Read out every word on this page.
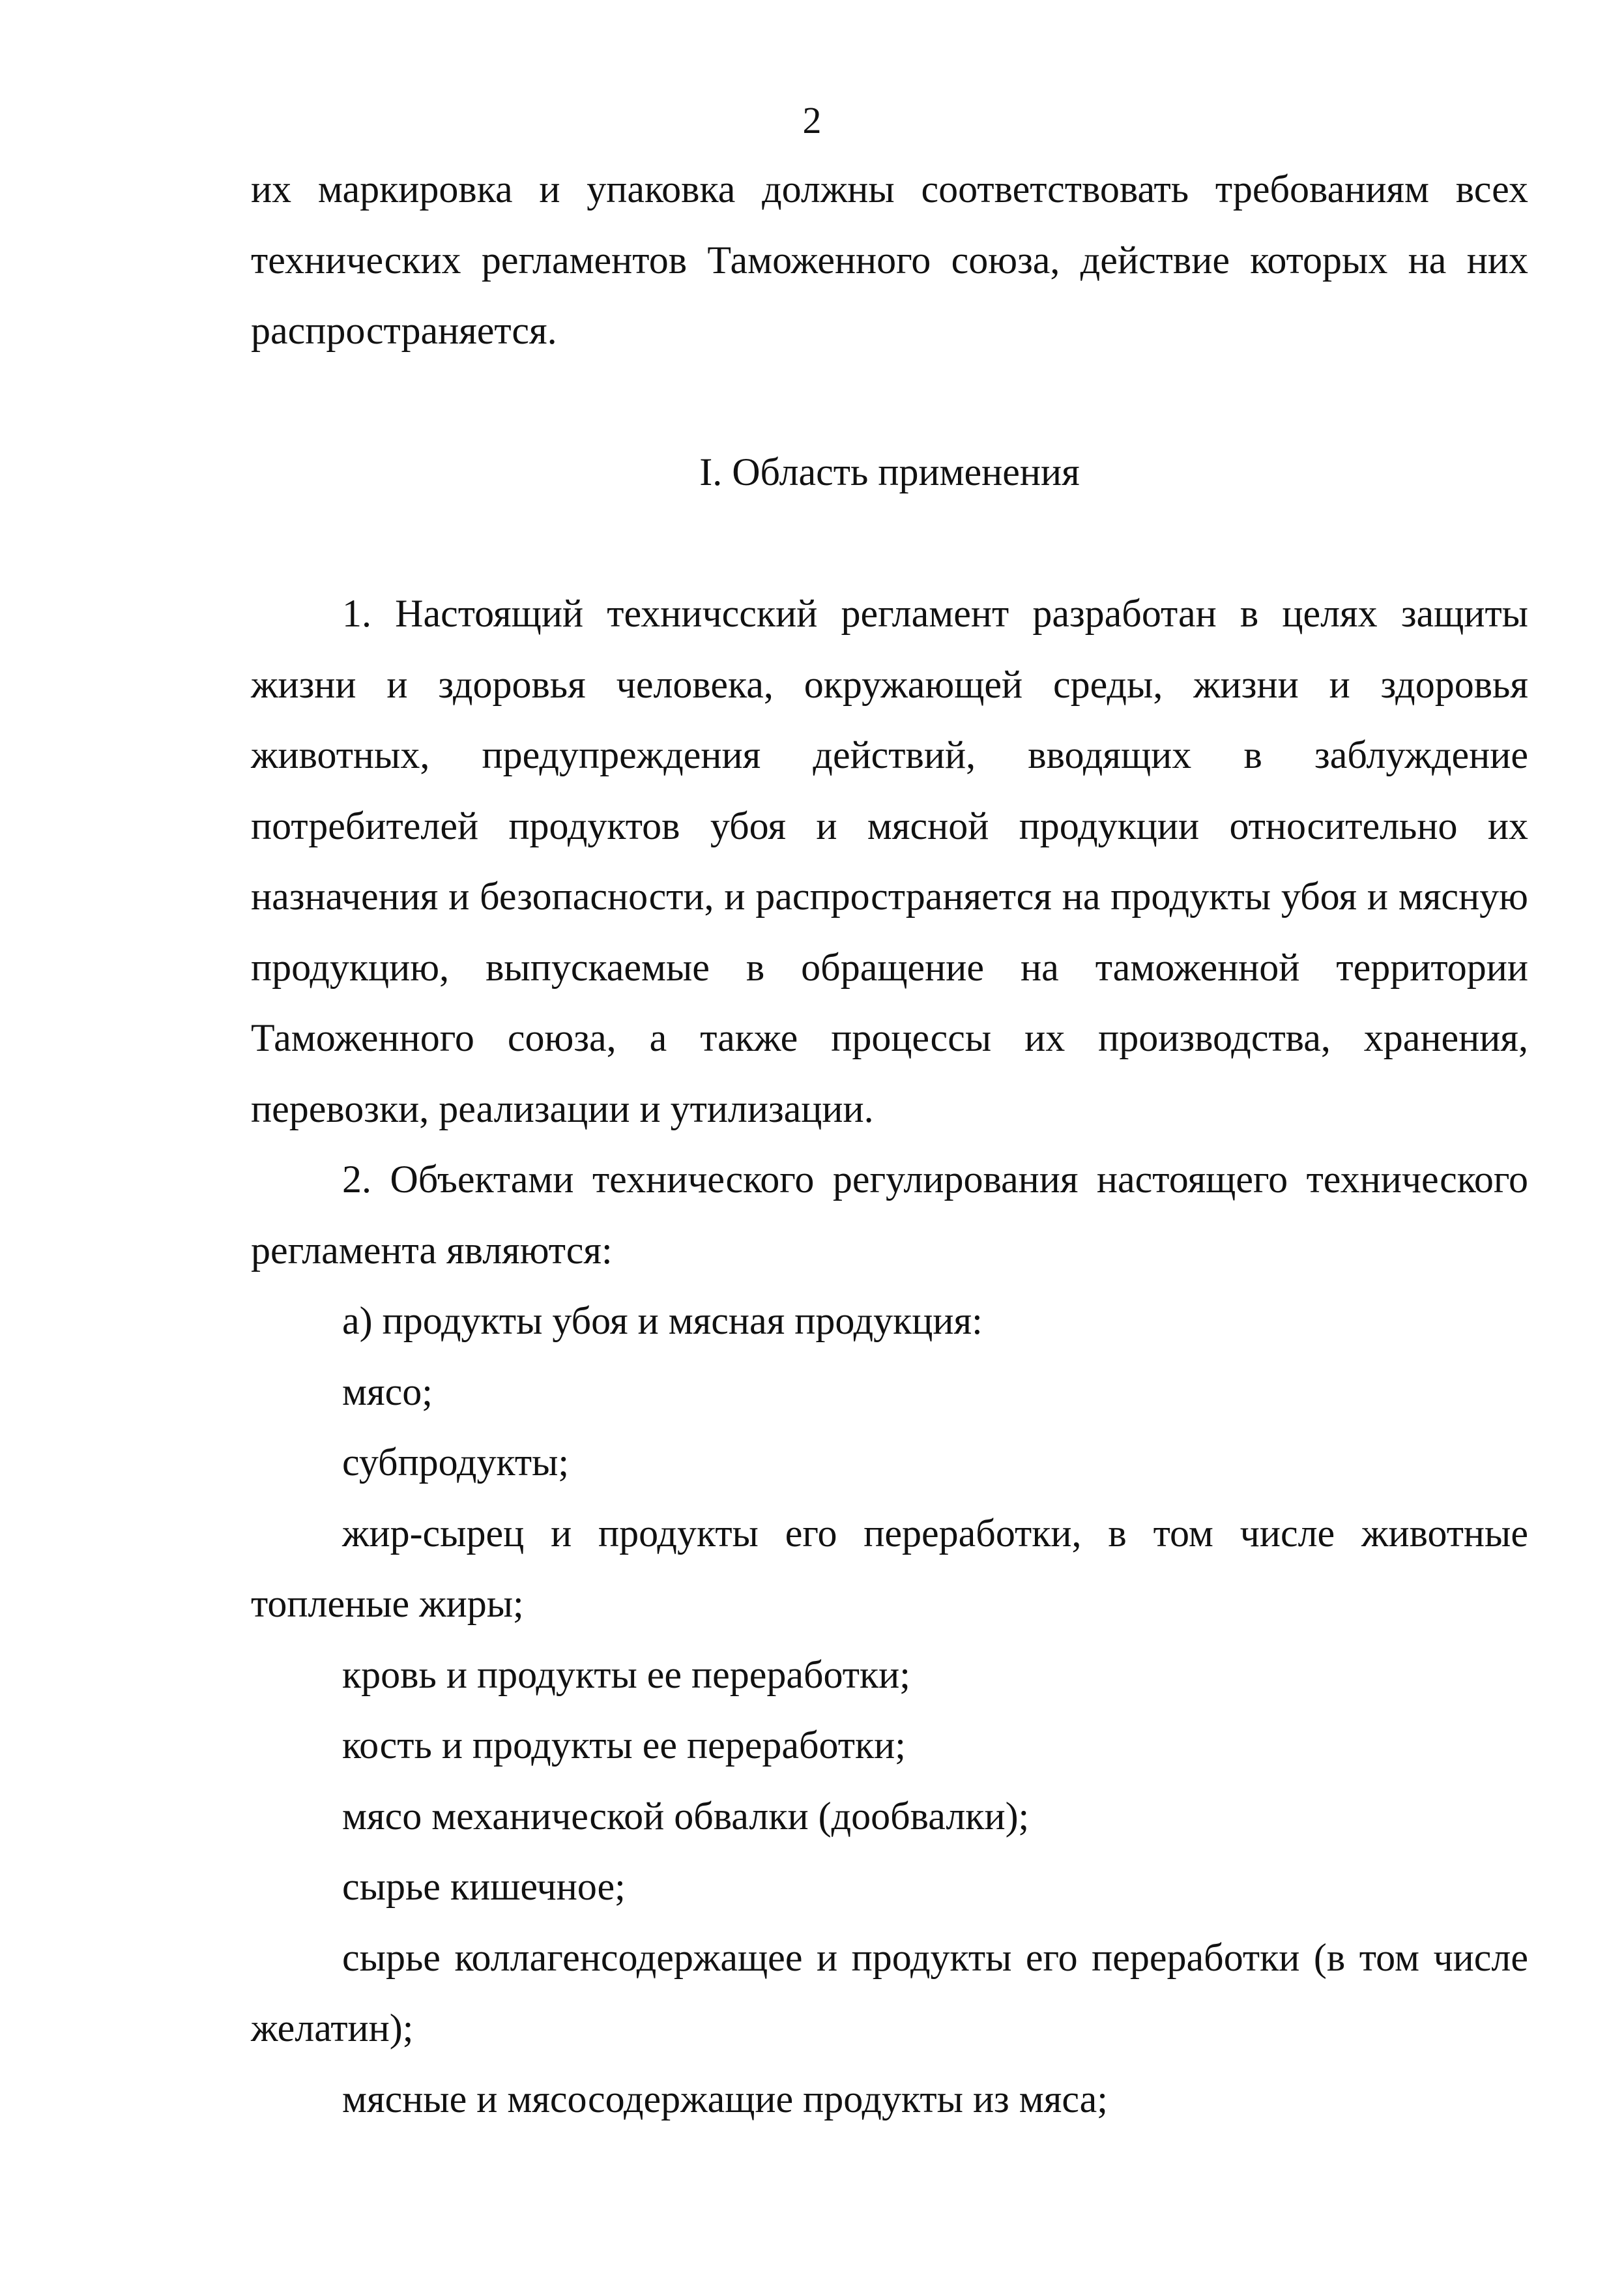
2

их маркировка и упаковка должны соответствовать требованиям всех технических регламентов Таможенного союза, действие которых на них распространяется.

I. Область применения

1. Настоящий техничсский регламент разработан в целях защиты жизни и здоровья человека, окружающей среды, жизни и здоровья животных, предупреждения действий, вводящих в заблуждение потребителей продуктов убоя и мясной продукции относительно их назначения и безопасности, и распространяется на продукты убоя и мясную продукцию, выпускаемые в обращение на таможенной территории Таможенного союза, а также процессы их производства, хранения, перевозки, реализации и утилизации.

2. Объектами технического регулирования настоящего технического регламента являются:

а) продукты убоя и мясная продукция:

мясо;

субпродукты;

жир-сырец и продукты его переработки, в том числе животные топленые жиры;

кровь и продукты ее переработки;

кость и продукты ее переработки;

мясо механической обвалки (дообвалки);

сырье кишечное;

сырье коллагенсодержащее и продукты его переработки (в том числе желатин);

мясные и мясосодержащие продукты из мяса;
